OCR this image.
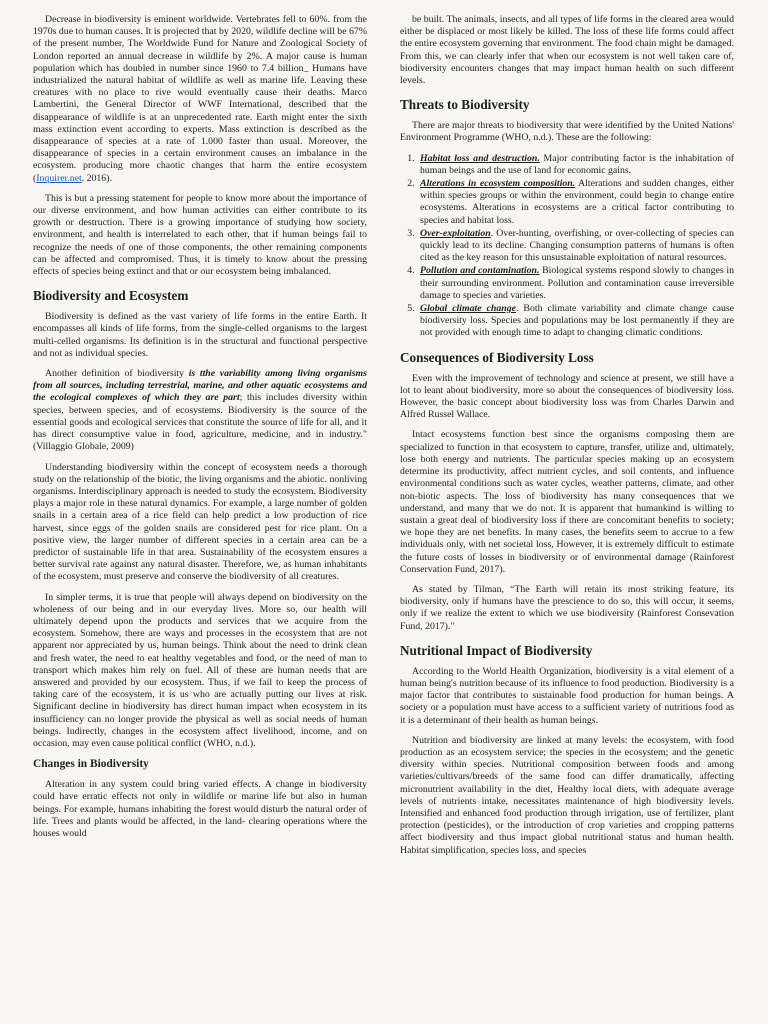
Decrease in biodiversity is eminent worldwide. Vertebrates fell to 60%. from the 1970s due to human causes. It is projected that by 2020, wildlife decline will be 67% of the present number, The Worldwide Fund for Nature and Zoological Society of London reported an annual decrease in wildlife by 2%. A major cause is human population which has doubled in number since 1960 to 7.4 billion_ Humans have industrialized the natural habitat of wildlife as well as marine life. Leaving these creatures with no place to rive would eventually cause their deaths. Marco Lambertini, the General Director of WWF International, described that the disappearance of wildlife is at an unprecedented rate. Earth might enter the sixth mass extinction event according to experts. Mass extinction is described as the disappearance of species at a rate of 1.000 faster than usual. Moreover, the disappearance of species in a certain environment causes an imbalance in the ecosystem. producing more chaotic changes that harm the entire ecosystem (Inquirer.net. 2016).

This is but a pressing statement for people to know more about the importance of our diverse environment, and how human activities can either contribute to its growth or destruction. There is a growing importance of studying how society, environment, and health is interrelated to each other, that if human beings fail to recognize the needs of one of those components, the other remaining components can be affected and compromised. Thus, it is timely to know about the pressing effects of species being extinct and that or our ecosystem being imbalanced.

Biodiversity and Ecosystem

Biodiversity is defined as the vast variety of life forms in the entire Earth. It encompasses all kinds of life forms, from the single-celled organisms to the largest multi-celled organisms. Its definition is in the structural and functional perspective and not as individual species.

Another definition of biodiversity is tthe variability among living organisms from all sources, including terrestrial, marine, and other aquatic ecosystems and the ecological complexes of which they are part; this includes diversity within species, between species, and of ecosystems. Biodiversity is the source of the essential goods and ecological services that constitute the source of life for all, and it has direct consumptive value in food, agriculture, medicine, and in industry." (Villaggio Globale, 2009)

Understanding biodiversity within the concept of ecosystem needs a thorough study on the relationship of the biotic, the living organisms and the abiotic. nonliving organisms. Interdisciplinary approach is needed to study the ecosystem. Biodiversity plays a major role in these natural dynamics. For example, a large number of golden snails in a certain area of a rice field can help predict a low production of rice harvest, since eggs of the golden snails are considered pest for rice plant. On a positive view, the larger number of different species in a certain area can be a predictor of sustainable life in that area. Sustainability of the ecosystem ensures a better survival rate against any natural disaster. Therefore, we, as human inhabitants of the ecosystem, must preserve and conserve the biodiversity of all creatures.

In simpler terms, it is true that people will always depend on biodiversity on the wholeness of our being and in our everyday lives. More so, our health will ultimately depend upon the products and services that we acquire from the ecosystem. Somehow, there are ways and processes in the ecosystem that are not apparent nor appreciated by us, human beings. Think about the need to drink clean and fresh water, the need to eat healthy vegetables and food, or the need of man to transport which makes him rely on fuel. All of these are human needs that are answered and provided by our ecosystem. Thus, if we fail to keep the process of taking care of the ecosystem, it is us who are actually putting our lives at risk. Significant decline in biodiversity has direct human impact when ecosystem in its insufficiency can no longer provide the physical as well as social needs of human beings. Indirectly, changes in the ecosystem affect livelihood, income, and on occasion, may even cause political conflict (WHO, n.d.).

Changes in Biodiversity

Alteration in any system could bring varied effects. A change in biodiversity could have erratic effects not only in wildlife or marine life but also in human beings. For example, humans inhabiting the forest would disturb the natural order of life. Trees and plants would be affected, in the land- clearing operations where the houses would

be built. The animals, insects, and all types of life forms in the cleared area would either be displaced or most likely be killed. The loss of these life forms could affect the entire ecosystem governing that environment. The food chain might be damaged. From this, we can clearly infer that when our ecosystem is not well taken care of, biodiversity encounters changes that may impact human health on such different levels.

Threats to Biodiversity

There are major threats to biodiversity that were identified by the United Nations' Environment Programme (WHO, n.d.). These are the following:

1. Habitat loss and destruction. Major contributing factor is the inhabitation of human beings and the use of land for economic gains.
2. Alterations in ecosystem composition. Alterations and sudden changes, either within species groups or within the environment, could begin to change entire ecosystems. Alterations in ecosystems are a critical factor contributing to species and habitat loss.
3. Over-exploitation. Over-hunting, overfishing, or over-collecting of species can quickly lead to its decline. Changing consumption patterns of humans is often cited as the key reason for this unsustainable exploitation of natural resources.
4. Pollution and contamination. Biological systems respond slowly to changes in their surrounding environment. Pollution and contamination cause irreversible damage to species and varieties.
5. Global climate change. Both climate variability and climate change cause biodiversity loss. Species and populations may be lost permanently if they are not provided with enough time to adapt to changing climatic conditions.
Consequences of Biodiversity Loss

Even with the improvement of technology and science at present, we still have a lot to leant about biodiversity, more so about the consequences of biodiversity loss. However, the basic concept about biodiversity loss was from Charles Darwin and Alfred Russel Wallace.

Intact ecosystems function best since the organisms composing them are specialized to function in that ecosystem to capture, transfer, utilize and, ultimately, lose both energy and nutrients. The particular species making up an ecosystem determine its productivity, affect nutrient cycles, and soil contents, and influence environmental conditions such as water cycles, weather patterns, climate, and other non-biotic aspects. The loss of biodiversity has many consequences that we understand, and many that we do not. It is apparent that humankind is willing to sustain a great deal of biodiversity loss if there are concomitant benefits to society; we hope they are net benefits. In many cases, the benefits seem to accrue to a few individuals only, with net societal loss, However, it is extremely difficult to estimate the future costs of losses in biodiversity or of environmental damage (Rainforest Conservation Fund, 2017).

As stated by Tilman, “The Earth will retain its most striking feature, its biodiversity, only if humans have the prescience to do so, this will occur, it seems, only if we realize the extent to which we use biodiversity (Rainforest Consevation Fund, 2017)."

Nutritional Impact of Biodiversity

According to the World Health Organization, biodiversity is a vital element of a human being's nutrition because of its influence to food production. Biodiversity is a major factor that contributes to sustainable food production for human beings. A society or a population must have access to a sufficient variety of nutritious food as it is a determinant of their health as human beings.

Nutrition and biodiversity are linked at many levels: the ecosystem, with food production as an ecosystem service; the species in the ecosystem; and the genetic diversity within species. Nutritional composition between foods and among varieties/cultivars/breeds of the same food can differ dramatically, affecting micronutrient availability in the diet, Healthy local diets, with adequate average levels of nutrients intake, necessitates maintenance of high biodiversity levels. Intensified and enhanced food production through irrigation, use of fertilizer, plant protection (pesticides), or the introduction of crop varieties and cropping patterns affect biodiversity and thus impact global nutritional status and human health. Habitat simplification, species loss, and species
